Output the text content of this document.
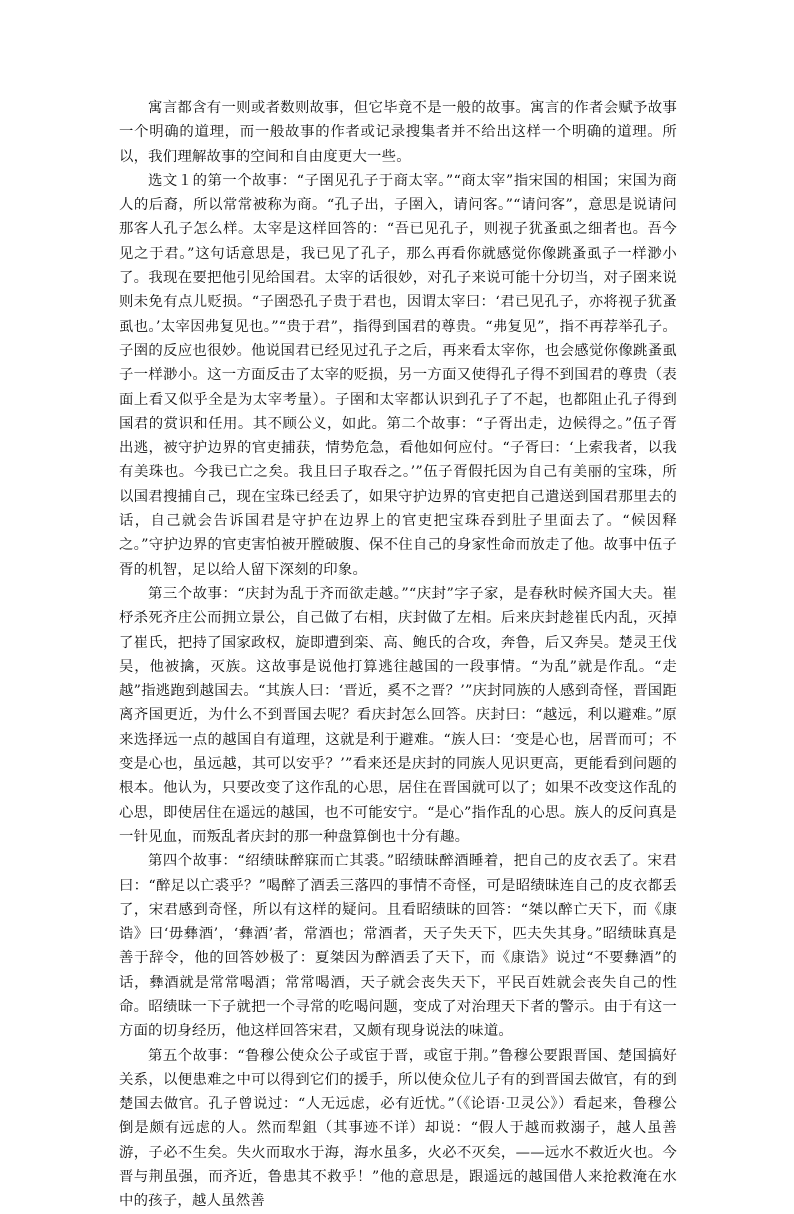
寓言都含有一则或者数则故事，但它毕竟不是一般的故事。寓言的作者会赋予故事一个明确的道理，而一般故事的作者或记录搜集者并不给出这样一个明确的道理。所以，我们理解故事的空间和自由度更大一些。

选文１的第一个故事：“子圉见孔子于商太宰。”“商太宰”指宋国的相国；宋国为商人的后裔，所以常常被称为商。“孔子出，子圉入，请问客。”“请问客”，意思是说请问那客人孔子怎么样。太宰是这样回答的：“吾已见孔子，则视子犹蚤虱之细者也。吾今见之于君。”这句话意思是，我已见了孔子，那么再看你就感觉你像跳蚤虱子一样渺小了。我现在要把他引见给国君。太宰的话很妙，对孔子来说可能十分切当，对子圉来说则未免有点儿贬损。“子圉恐孔子贵于君也，因谓太宰曰：‘君已见孔子，亦将视子犹蚤虱也。’太宰因弗复见也。”“贵于君”，指得到国君的尊贵。“弗复见”，指不再荐举孔子。子圉的反应也很妙。他说国君已经见过孔子之后，再来看太宰你，也会感觉你像跳蚤虱子一样渺小。这一方面反击了太宰的贬损，另一方面又使得孔子得不到国君的尊贵（表面上看又似乎全是为太宰考量）。子圉和太宰都认识到孔子了不起，也都阻止孔子得到国君的赏识和任用。其不顾公义，如此。第二个故事：“子胥出走，边候得之。”伍子胥出逃，被守护边界的官吏捕获，情势危急，看他如何应付。“子胥曰：‘上索我者，以我有美珠也。今我已亡之矣。我且曰子取吞之。’”伍子胥假托因为自己有美丽的宝珠，所以国君搜捕自己，现在宝珠已经丢了，如果守护边界的官吏把自己遣送到国君那里去的话，自己就会告诉国君是守护在边界上的官吏把宝珠吞到肚子里面去了。“候因释之。”守护边界的官吏害怕被开膛破腹、保不住自己的身家性命而放走了他。故事中伍子胥的机智，足以给人留下深刻的印象。

第三个故事：“庆封为乱于齐而欲走越。”“庆封”字子家，是春秋时候齐国大夫。崔杼杀死齐庄公而拥立景公，自己做了右相，庆封做了左相。后来庆封趁崔氏内乱，灭掉了崔氏，把持了国家政权，旋即遭到栾、高、鲍氏的合攻，奔鲁，后又奔吴。楚灵王伐吴，他被擒，灭族。这故事是说他打算逃往越国的一段事情。“为乱”就是作乱。“走越”指逃跑到越国去。“其族人曰：‘晋近，奚不之晋？’”庆封同族的人感到奇怪，晋国距离齐国更近，为什么不到晋国去呢？看庆封怎么回答。庆封曰：“越远，利以避难。”原来选择远一点的越国自有道理，这就是利于避难。“族人曰：‘变是心也，居晋而可；不变是心也，虽远越，其可以安乎？’”看来还是庆封的同族人见识更高，更能看到问题的根本。他认为，只要改变了这作乱的心思，居住在晋国就可以了；如果不改变这作乱的心思，即使居住在遥远的越国，也不可能安宁。“是心”指作乱的心思。族人的反问真是一针见血，而叛乱者庆封的那一种盘算倒也十分有趣。

第四个故事：“绍绩昧醉寐而亡其裘。”昭绩昧醉酒睡着，把自己的皮衣丢了。宋君曰：“醉足以亡裘乎？”喝醉了酒丢三落四的事情不奇怪，可是昭绩昧连自己的皮衣都丢了，宋君感到奇怪，所以有这样的疑问。且看昭绩昧的回答：“桀以醉亡天下，而《康诰》曰‘毋彝酒’，‘彝酒’者，常酒也；常酒者，天子失天下，匹夫失其身。”昭绩昧真是善于辞令，他的回答妙极了：夏桀因为醉酒丢了天下，而《康诰》说过“不要彝酒”的话，彝酒就是常常喝酒；常常喝酒，天子就会丧失天下，平民百姓就会丧失自己的性命。昭绩昧一下子就把一个寻常的吃喝问题，变成了对治理天下者的警示。由于有这一方面的切身经历，他这样回答宋君，又颇有现身说法的味道。

第五个故事：“鲁穆公使众公子或宦于晋，或宦于荆。”鲁穆公要跟晋国、楚国搞好关系，以便患难之中可以得到它们的援手，所以使众位儿子有的到晋国去做官，有的到楚国去做官。孔子曾说过：“人无远虑，必有近忧。”（《论语·卫灵公》）看起来，鲁穆公倒是颇有远虑的人。然而犁鉏（其事迹不详）却说：“假人于越而救溺子，越人虽善游，子必不生矣。失火而取水于海，海水虽多，火必不灭矣，——远水不救近火也。今晋与荆虽强，而齐近，鲁患其不救乎！”他的意思是，跟遥远的越国借人来抢救淹在水中的孩子，越人虽然善
